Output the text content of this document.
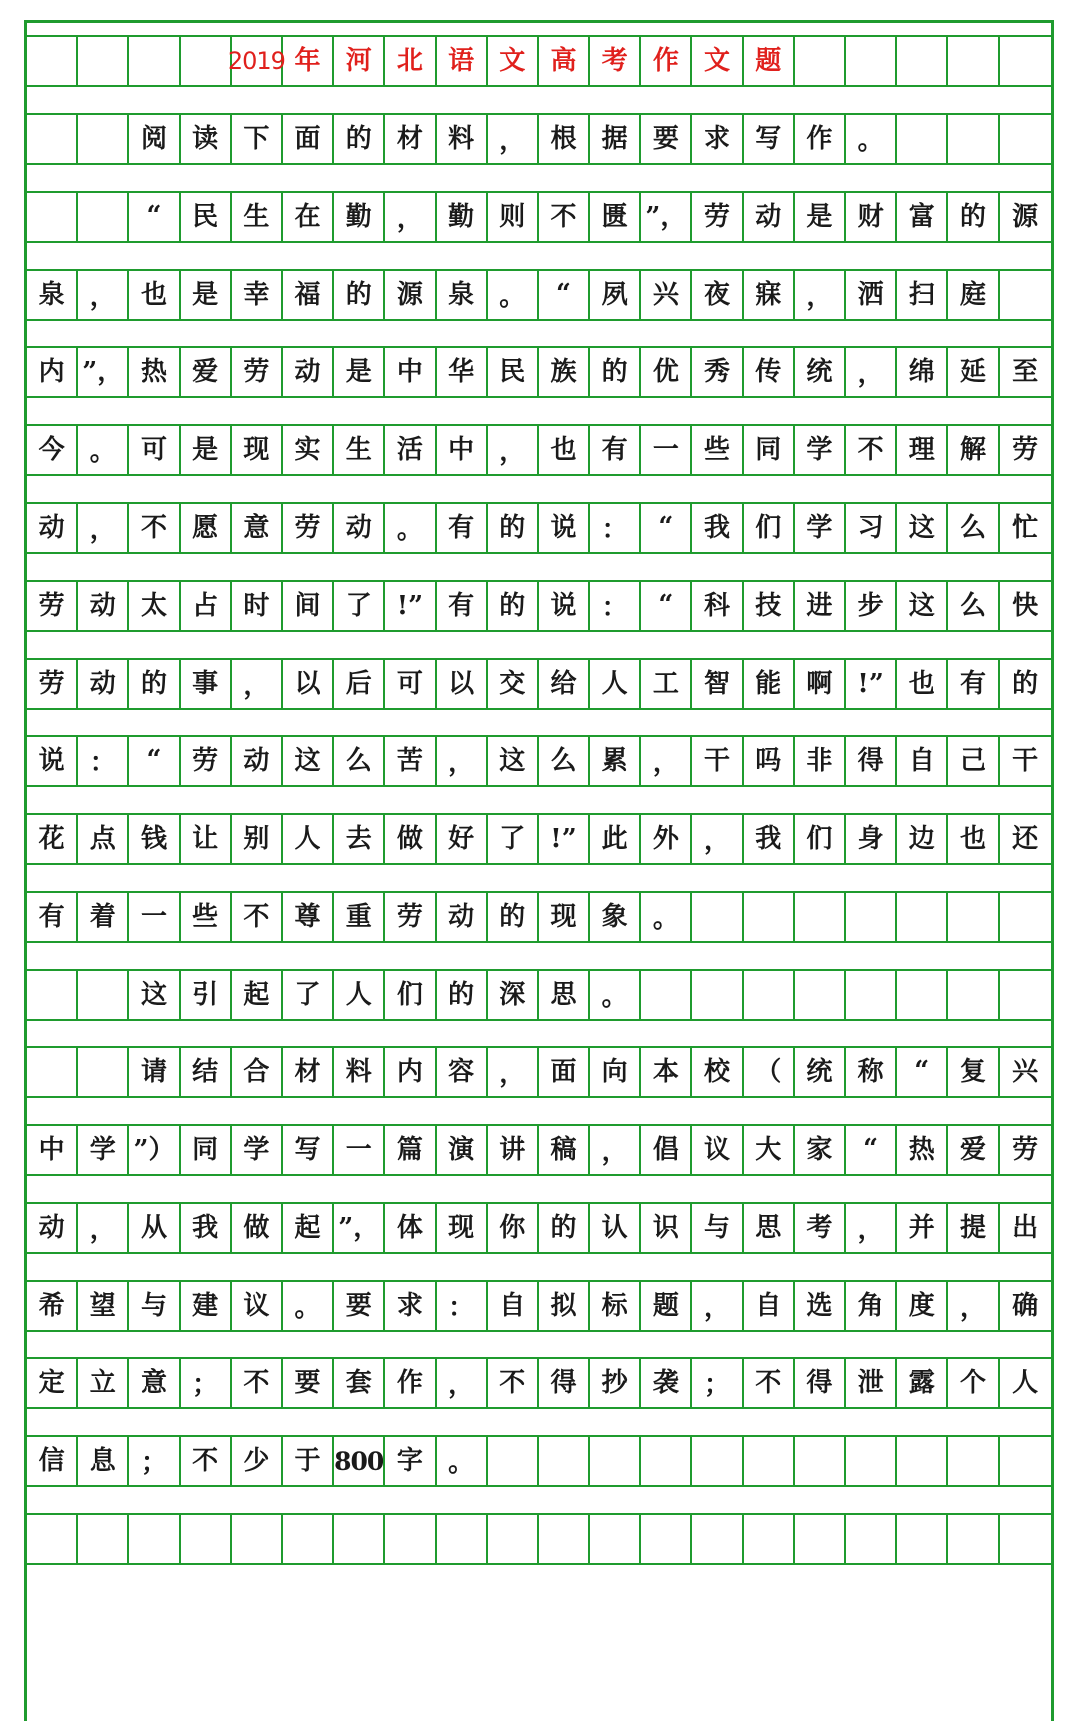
2019 年 河 北 语 文 高 考 作 文 题
阅 读 下 面 的 材 料 ， 根 据 要 求 写 作 。
“	民 生 在 勤 ， 勤 则 不 匮 ”， 劳 动 是 财 富 的	源
泉 ， 也 是 幸 福 的 源 泉 。	“	夙 兴 夜 寐 ， 洒 扫 庭
内 ”， 热 爱 劳 动 是 中 华 民 族 的 优 秀 传 统 ， 绵 延	至
今 。 可 是 现 实 生 活 中 ， 也 有 一 些 同 学 不 理 解	劳
动 ， 不 愿 意 劳 动 。 有 的 说 ：	“	我 们 学 习 这 么	忙
劳 动 太 占 时 间 了 !” 有 的 说 ：	“	科 技 进 步 这 么	快
劳 动 的 事 ， 以 后 可 以 交 给 人 工 智 能 啊 !” 也 有	的
说 ：	“	劳 动 这 么 苦 ， 这 么 累 ， 干 吗 非 得 自 己	干
花 点 钱 让 别 人 去 做 好 了 !” 此 外 ， 我 们 身 边 也	还
有 着 一 些 不 尊 重 劳 动 的 现 象 。
这 引 起 了 人 们 的 深 思 。
请 结 合 材 料 内 容 ， 面 向 本 校 （ 统 称	“	复	兴
中 学 ”） 同 学 写 一 篇 演 讲 稿 ， 倡 议 大 家	“	热 爱	劳
动 ， 从 我 做 起 ”， 体 现 你 的 认 识 与 思 考 ， 并 提	出
希 望 与 建 议 。 要 求 ： 自 拟 标 题 ， 自 选 角 度 ，	确
定 立 意 ； 不 要 套 作 ， 不 得 抄 袭 ； 不 得 泄 露 个	人
信 息 ； 不 少 于 800 字 。
